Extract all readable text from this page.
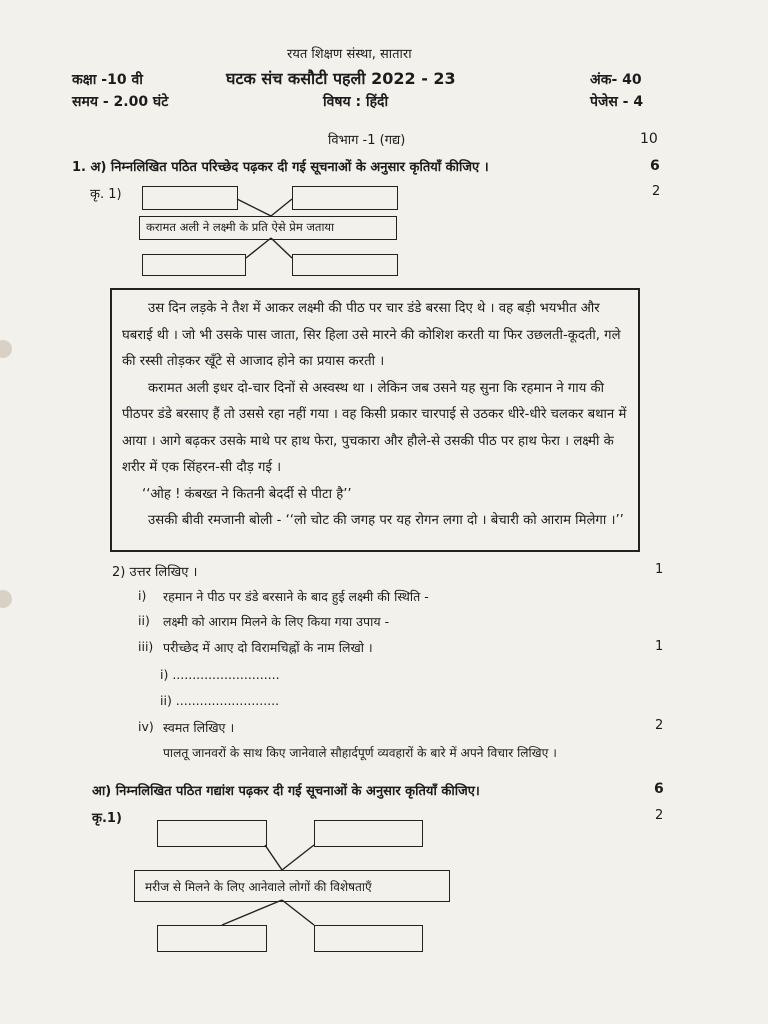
रयत शिक्षण संस्था, सातारा
कक्षा -10 वी	घटक संच कसौटी पहली 2022 - 23	अंक- 40
समय - 2.00 घंटे	विषय : हिंदी	पेजेस - 4
विभाग -1 (गद्य)	10
1. अ) निम्नलिखित पठित परिच्छेद पढ़कर दी गई सूचनाओं के अनुसार कृतियाँ कीजिए ।	6
कृ. 1)	2
करामत अली ने लक्ष्मी के प्रति ऐसे प्रेम जताया

उस दिन लड़के ने तैश में आकर लक्ष्मी की पीठ पर चार डंडे बरसा दिए थे । वह बड़ी भयभीत और घबराई थी । जो भी उसके पास जाता, सिर हिला उसे मारने की कोशिश करती या फिर उछलती-कूदती, गले की रस्सी तोड़कर खूँटे से आजाद होने का प्रयास करती ।

करामत अली इधर दो-चार दिनों से अस्वस्थ था । लेकिन जब उसने यह सुना कि रहमान ने गाय की पीठपर डंडे बरसाए हैं तो उससे रहा नहीं गया । वह किसी प्रकार चारपाई से उठकर धीरे-धीरे चलकर बथान में आया । आगे बढ़कर उसके माथे पर हाथ फेरा, पुचकारा और हौले-से उसकी पीठ पर हाथ फेरा । लक्ष्मी के शरीर में एक सिंहरन-सी दौड़ गई ।

‘‘ओह ! कंबख्त ने कितनी बेदर्दी से पीटा है’’

उसकी बीवी रमजानी बोली - ‘‘लो चोट की जगह पर यह रोगन लगा दो । बेचारी को आराम मिलेगा ।’’

2) उत्तर लिखिए ।	1
i) रहमान ने पीठ पर डंडे बरसाने के बाद हुई लक्ष्मी की स्थिति -
ii) लक्ष्मी को आराम मिलने के लिए किया गया उपाय -
iii) परीच्छेद में आए दो विरामचिह्नों के नाम लिखो ।	1
i) ...........................
ii) ..........................
iv) स्वमत लिखिए ।	2
पालतू जानवरों के साथ किए जानेवाले सौहार्दपूर्ण व्यवहारों के बारे में अपने विचार लिखिए ।
आ) निम्नलिखित पठित गद्यांश पढ़कर दी गई सूचनाओं के अनुसार कृतियाँ कीजिए।	6
कृ.1)	2
मरीज से मिलने के लिए आनेवाले लोगों की विशेषताएँ
